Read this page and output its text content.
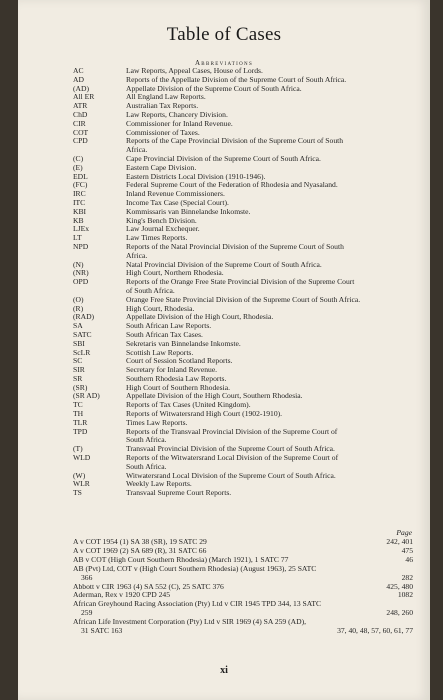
Table of Cases
Abbreviations
AC	Law Reports, Appeal Cases, House of Lords.
AD	Reports of the Appellate Division of the Supreme Court of South Africa.
(AD)	Appellate Division of the Supreme Court of South Africa.
All ER	All England Law Reports.
ATR	Australian Tax Reports.
ChD	Law Reports, Chancery Division.
CIR	Commissioner for Inland Revenue.
COT	Commissioner of Taxes.
CPD	Reports of the Cape Provincial Division of the Supreme Court of South
Africa.
(C)	Cape Provincial Division of the Supreme Court of South Africa.
(E)	Eastern Cape Division.
EDL	Eastern Districts Local Division (1910-1946).
(FC)	Federal Supreme Court of the Federation of Rhodesia and Nyasaland.
IRC	Inland Revenue Commissioners.
ITC	Income Tax Case (Special Court).
KBI	Kommissaris van Binnelandse Inkomste.
KB	King's Bench Division.
LJEx	Law Journal Exchequer.
LT	Law Times Reports.
NPD	Reports of the Natal Provincial Division of the Supreme Court of South
Africa.
(N)	Natal Provincial Division of the Supreme Court of South Africa.
(NR)	High Court, Northern Rhodesia.
OPD	Reports of the Orange Free State Provincial Division of the Supreme Court
of South Africa.
(O)	Orange Free State Provincial Division of the Supreme Court of South Africa.
(R)	High Court, Rhodesia.
(RAD)	Appellate Division of the High Court, Rhodesia.
SA	South African Law Reports.
SATC	South African Tax Cases.
SBI	Sekretaris van Binnelandse Inkomste.
ScLR	Scottish Law Reports.
SC	Court of Session Scotland Reports.
SIR	Secretary for Inland Revenue.
SR	Southern Rhodesia Law Reports.
(SR)	High Court of Southern Rhodesia.
(SR AD)	Appellate Division of the High Court, Southern Rhodesia.
TC	Reports of Tax Cases (United Kingdom).
TH	Reports of Witwatersrand High Court (1902-1910).
TLR	Times Law Reports.
TPD	Reports of the Transvaal Provincial Division of the Supreme Court of
South Africa.
(T)	Transvaal Provincial Division of the Supreme Court of South Africa.
WLD	Reports of the Witwatersrand Local Division of the Supreme Court of
South Africa.
(W)	Witwatersrand Local Division of the Supreme Court of South Africa.
WLR	Weekly Law Reports.
TS	Transvaal Supreme Court Reports.
Page
A v COT 1954 (1) SA 38 (SR), 19 SATC 29	242, 401
A v COT 1969 (2) SA 689 (R), 31 SATC 66	475
AB v COT (High Court Southern Rhodesia) (March 1921), 1 SATC 77	46
AB (Pvt) Ltd, COT v (High Court Southern Rhodesia) (August 1963), 25 SATC
366	282
Abbott v CIR 1963 (4) SA 552 (C), 25 SATC 376	425, 480
Aderman, Rex v 1920 CPD 245	1082
African Greyhound Racing Association (Pty) Ltd v CIR 1945 TPD 344, 13 SATC
259	248, 260
African Life Investment Corporation (Pty) Ltd v SIR 1969 (4) SA 259 (AD),
31 SATC 163	37, 40, 48, 57, 60, 61, 77
xi
